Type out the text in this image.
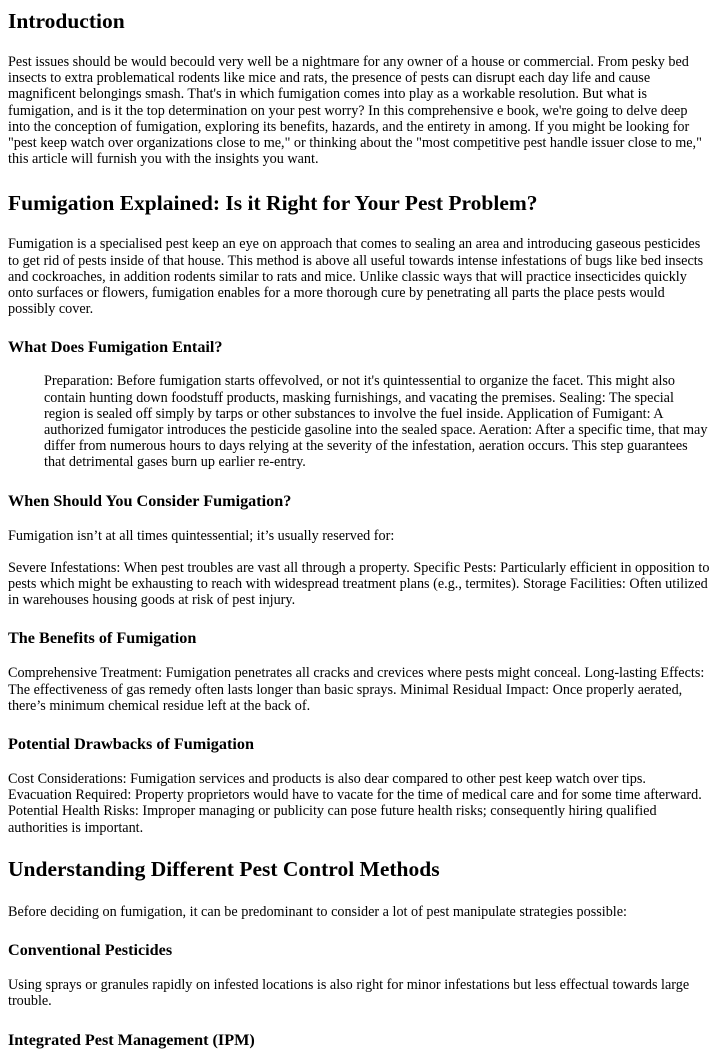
Introduction

Pest issues should be would becould very well be a nightmare for any owner of a house or commercial. From pesky bed insects to extra problematical rodents like mice and rats, the presence of pests can disrupt each day life and cause magnificent belongings smash. That's in which fumigation comes into play as a workable resolution. But what is fumigation, and is it the top determination on your pest worry? In this comprehensive e book, we're going to delve deep into the conception of fumigation, exploring its benefits, hazards, and the entirety in among. If you might be looking for "pest keep watch over organizations close to me," or thinking about the "most competitive pest handle issuer close to me," this article will furnish you with the insights you want.

Fumigation Explained: Is it Right for Your Pest Problem?

Fumigation is a specialised pest keep an eye on approach that comes to sealing an area and introducing gaseous pesticides to get rid of pests inside of that house. This method is above all useful towards intense infestations of bugs like bed insects and cockroaches, in addition rodents similar to rats and mice. Unlike classic ways that will practice insecticides quickly onto surfaces or flowers, fumigation enables for a more thorough cure by penetrating all parts the place pests would possibly cover.

What Does Fumigation Entail?
Preparation: Before fumigation starts offevolved, or not it's quintessential to organize the facet. This might also contain hunting down foodstuff products, masking furnishings, and vacating the premises. Sealing: The special region is sealed off simply by tarps or other substances to involve the fuel inside. Application of Fumigant: A authorized fumigator introduces the pesticide gasoline into the sealed space. Aeration: After a specific time, that may differ from numerous hours to days relying at the severity of the infestation, aeration occurs. This step guarantees that detrimental gases burn up earlier re-entry.
When Should You Consider Fumigation?

Fumigation isn’t at all times quintessential; it’s usually reserved for:

Severe Infestations: When pest troubles are vast all through a property. Specific Pests: Particularly efficient in opposition to pests which might be exhausting to reach with widespread treatment plans (e.g., termites). Storage Facilities: Often utilized in warehouses housing goods at risk of pest injury.

The Benefits of Fumigation

Comprehensive Treatment: Fumigation penetrates all cracks and crevices where pests might conceal. Long-lasting Effects: The effectiveness of gas remedy often lasts longer than basic sprays. Minimal Residual Impact: Once properly aerated, there’s minimum chemical residue left at the back of.

Potential Drawbacks of Fumigation

Cost Considerations: Fumigation services and products is also dear compared to other pest keep watch over tips. Evacuation Required: Property proprietors would have to vacate for the time of medical care and for some time afterward. Potential Health Risks: Improper managing or publicity can pose future health risks; consequently hiring qualified authorities is important.

Understanding Different Pest Control Methods

Before deciding on fumigation, it can be predominant to consider a lot of pest manipulate strategies possible:

Conventional Pesticides

Using sprays or granules rapidly on infested locations is also right for minor infestations but less effectual towards large trouble.

Integrated Pest Management (IPM)
